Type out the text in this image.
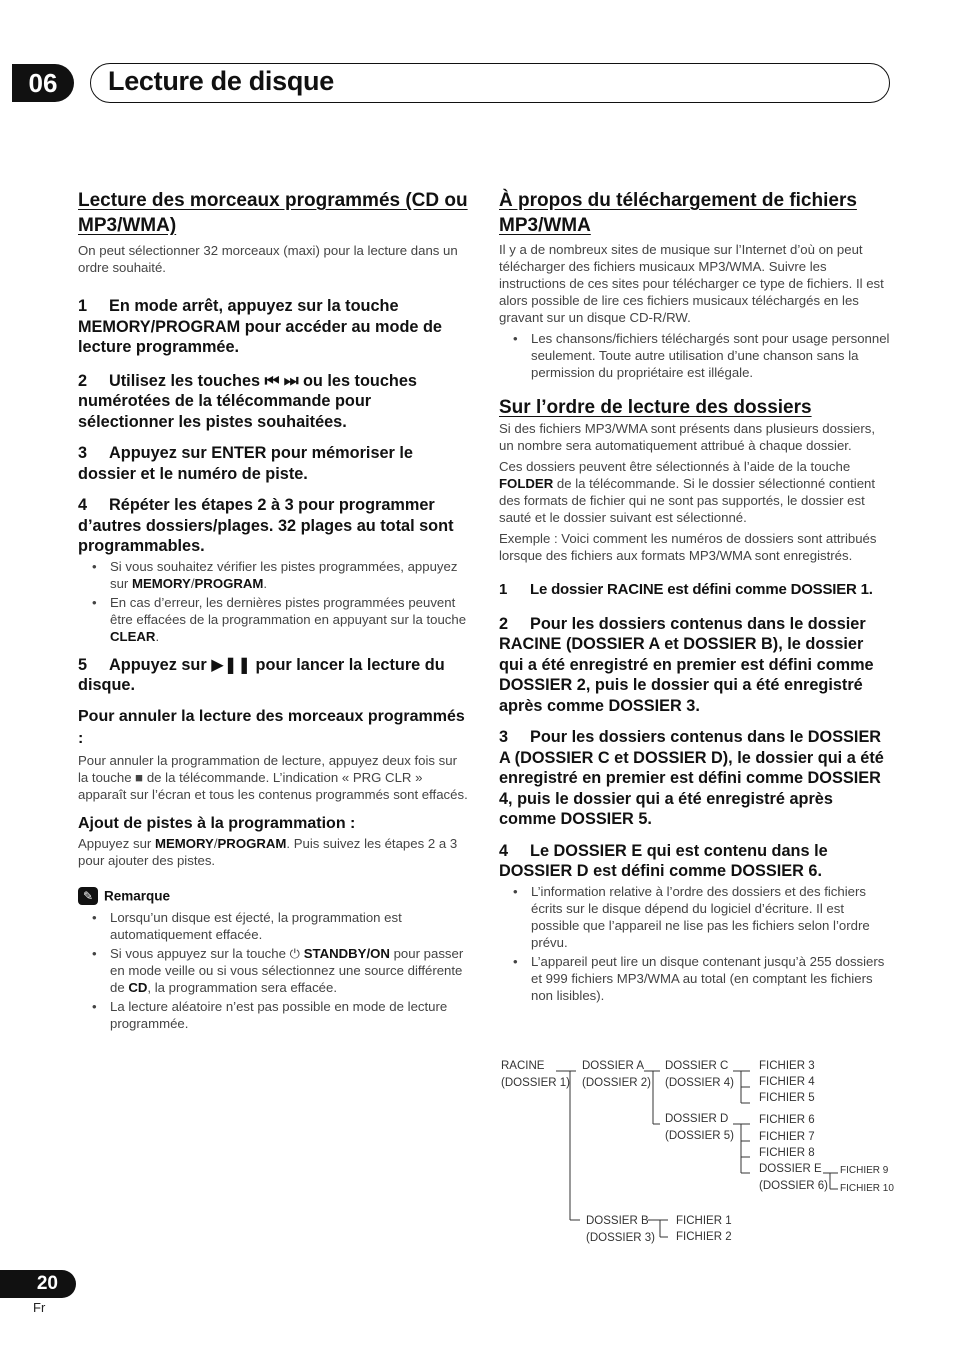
06	Lecture de disque
Lecture des morceaux programmés (CD ou MP3/WMA)

On peut sélectionner 32 morceaux (maxi) pour la lecture dans un ordre souhaité.

1 En mode arrêt, appuyez sur la touche MEMORY/PROGRAM pour accéder au mode de lecture programmée.

2 Utilisez les touches ⏮ ⏭ ou les touches numérotées de la télécommande pour sélectionner les pistes souhaitées.

3 Appuyez sur ENTER pour mémoriser le dossier et le numéro de piste.

4 Répéter les étapes 2 à 3 pour programmer d’autres dossiers/plages. 32 plages au total sont programmables.

• Si vous souhaitez vérifier les pistes programmées, appuyez sur MEMORY/PROGRAM.
• En cas d’erreur, les dernières pistes programmées peuvent être effacées de la programmation en appuyant sur la touche CLEAR.

5 Appuyez sur ▶❚❚ pour lancer la lecture du disque.

Pour annuler la lecture des morceaux programmés :

Pour annuler la programmation de lecture, appuyez deux fois sur la touche ■ de la télécommande. L’indication « PRG CLR » apparaît sur l’écran et tous les contenus programmés sont effacés.

Ajout de pistes à la programmation :

Appuyez sur MEMORY/PROGRAM. Puis suivez les étapes 2 a 3 pour ajouter des pistes.

✎ Remarque
• Lorsqu’un disque est éjecté, la programmation est automatiquement effacée.
• Si vous appuyez sur la touche ⏻ STANDBY/ON pour passer en mode veille ou si vous sélectionnez une source différente de CD, la programmation sera effacée.
• La lecture aléatoire n’est pas possible en mode de lecture programmée.
À propos du téléchargement de fichiers MP3/WMA

Il y a de nombreux sites de musique sur l’Internet d’où on peut télécharger des fichiers musicaux MP3/WMA. Suivre les instructions de ces sites pour télécharger ce type de fichiers. Il est alors possible de lire ces fichiers musicaux téléchargés en les gravant sur un disque CD-R/RW.

• Les chansons/fichiers téléchargés sont pour usage personnel seulement. Toute autre utilisation d’une chanson sans la permission du propriétaire est illégale.
Sur l’ordre de lecture des dossiers

Si des fichiers MP3/WMA sont présents dans plusieurs dossiers, un nombre sera automatiquement attribué à chaque dossier.

Ces dossiers peuvent être sélectionnés à l’aide de la touche FOLDER de la télécommande. Si le dossier sélectionné contient des formats de fichier qui ne sont pas supportés, le dossier est sauté et le dossier suivant est sélectionné.

Exemple : Voici comment les numéros de dossiers sont attribués lorsque des fichiers aux formats MP3/WMA sont enregistrés.

1 Le dossier RACINE est défini comme DOSSIER 1.

2 Pour les dossiers contenus dans le dossier RACINE (DOSSIER A et DOSSIER B), le dossier qui a été enregistré en premier est défini comme DOSSIER 2, puis le dossier qui a été enregistré après comme DOSSIER 3.

3 Pour les dossiers contenus dans le DOSSIER A (DOSSIER C et DOSSIER D), le dossier qui a été enregistré en premier est défini comme DOSSIER 4, puis le dossier qui a été enregistré après comme DOSSIER 5.

4 Le DOSSIER E qui est contenu dans le DOSSIER D est défini comme DOSSIER 6.

• L’information relative à l’ordre des dossiers et des fichiers écrits sur le disque dépend du logiciel d’écriture. Il est possible que l’appareil ne lise pas les fichiers selon l’ordre prévu.
• L’appareil peut lire un disque contenant jusqu’à 255 dossiers et 999 fichiers MP3/WMA au total (en comptant les fichiers non lisibles).
RACINE
(DOSSIER 1)
DOSSIER A
(DOSSIER 2)
DOSSIER C
(DOSSIER 4)
DOSSIER D
(DOSSIER 5)
FICHIER 3
FICHIER 4
FICHIER 5
FICHIER 6
FICHIER 7
FICHIER 8
DOSSIER E
(DOSSIER 6)
FICHIER 9
FICHIER 10
DOSSIER B
(DOSSIER 3)
FICHIER 1
FICHIER 2
20
Fr
